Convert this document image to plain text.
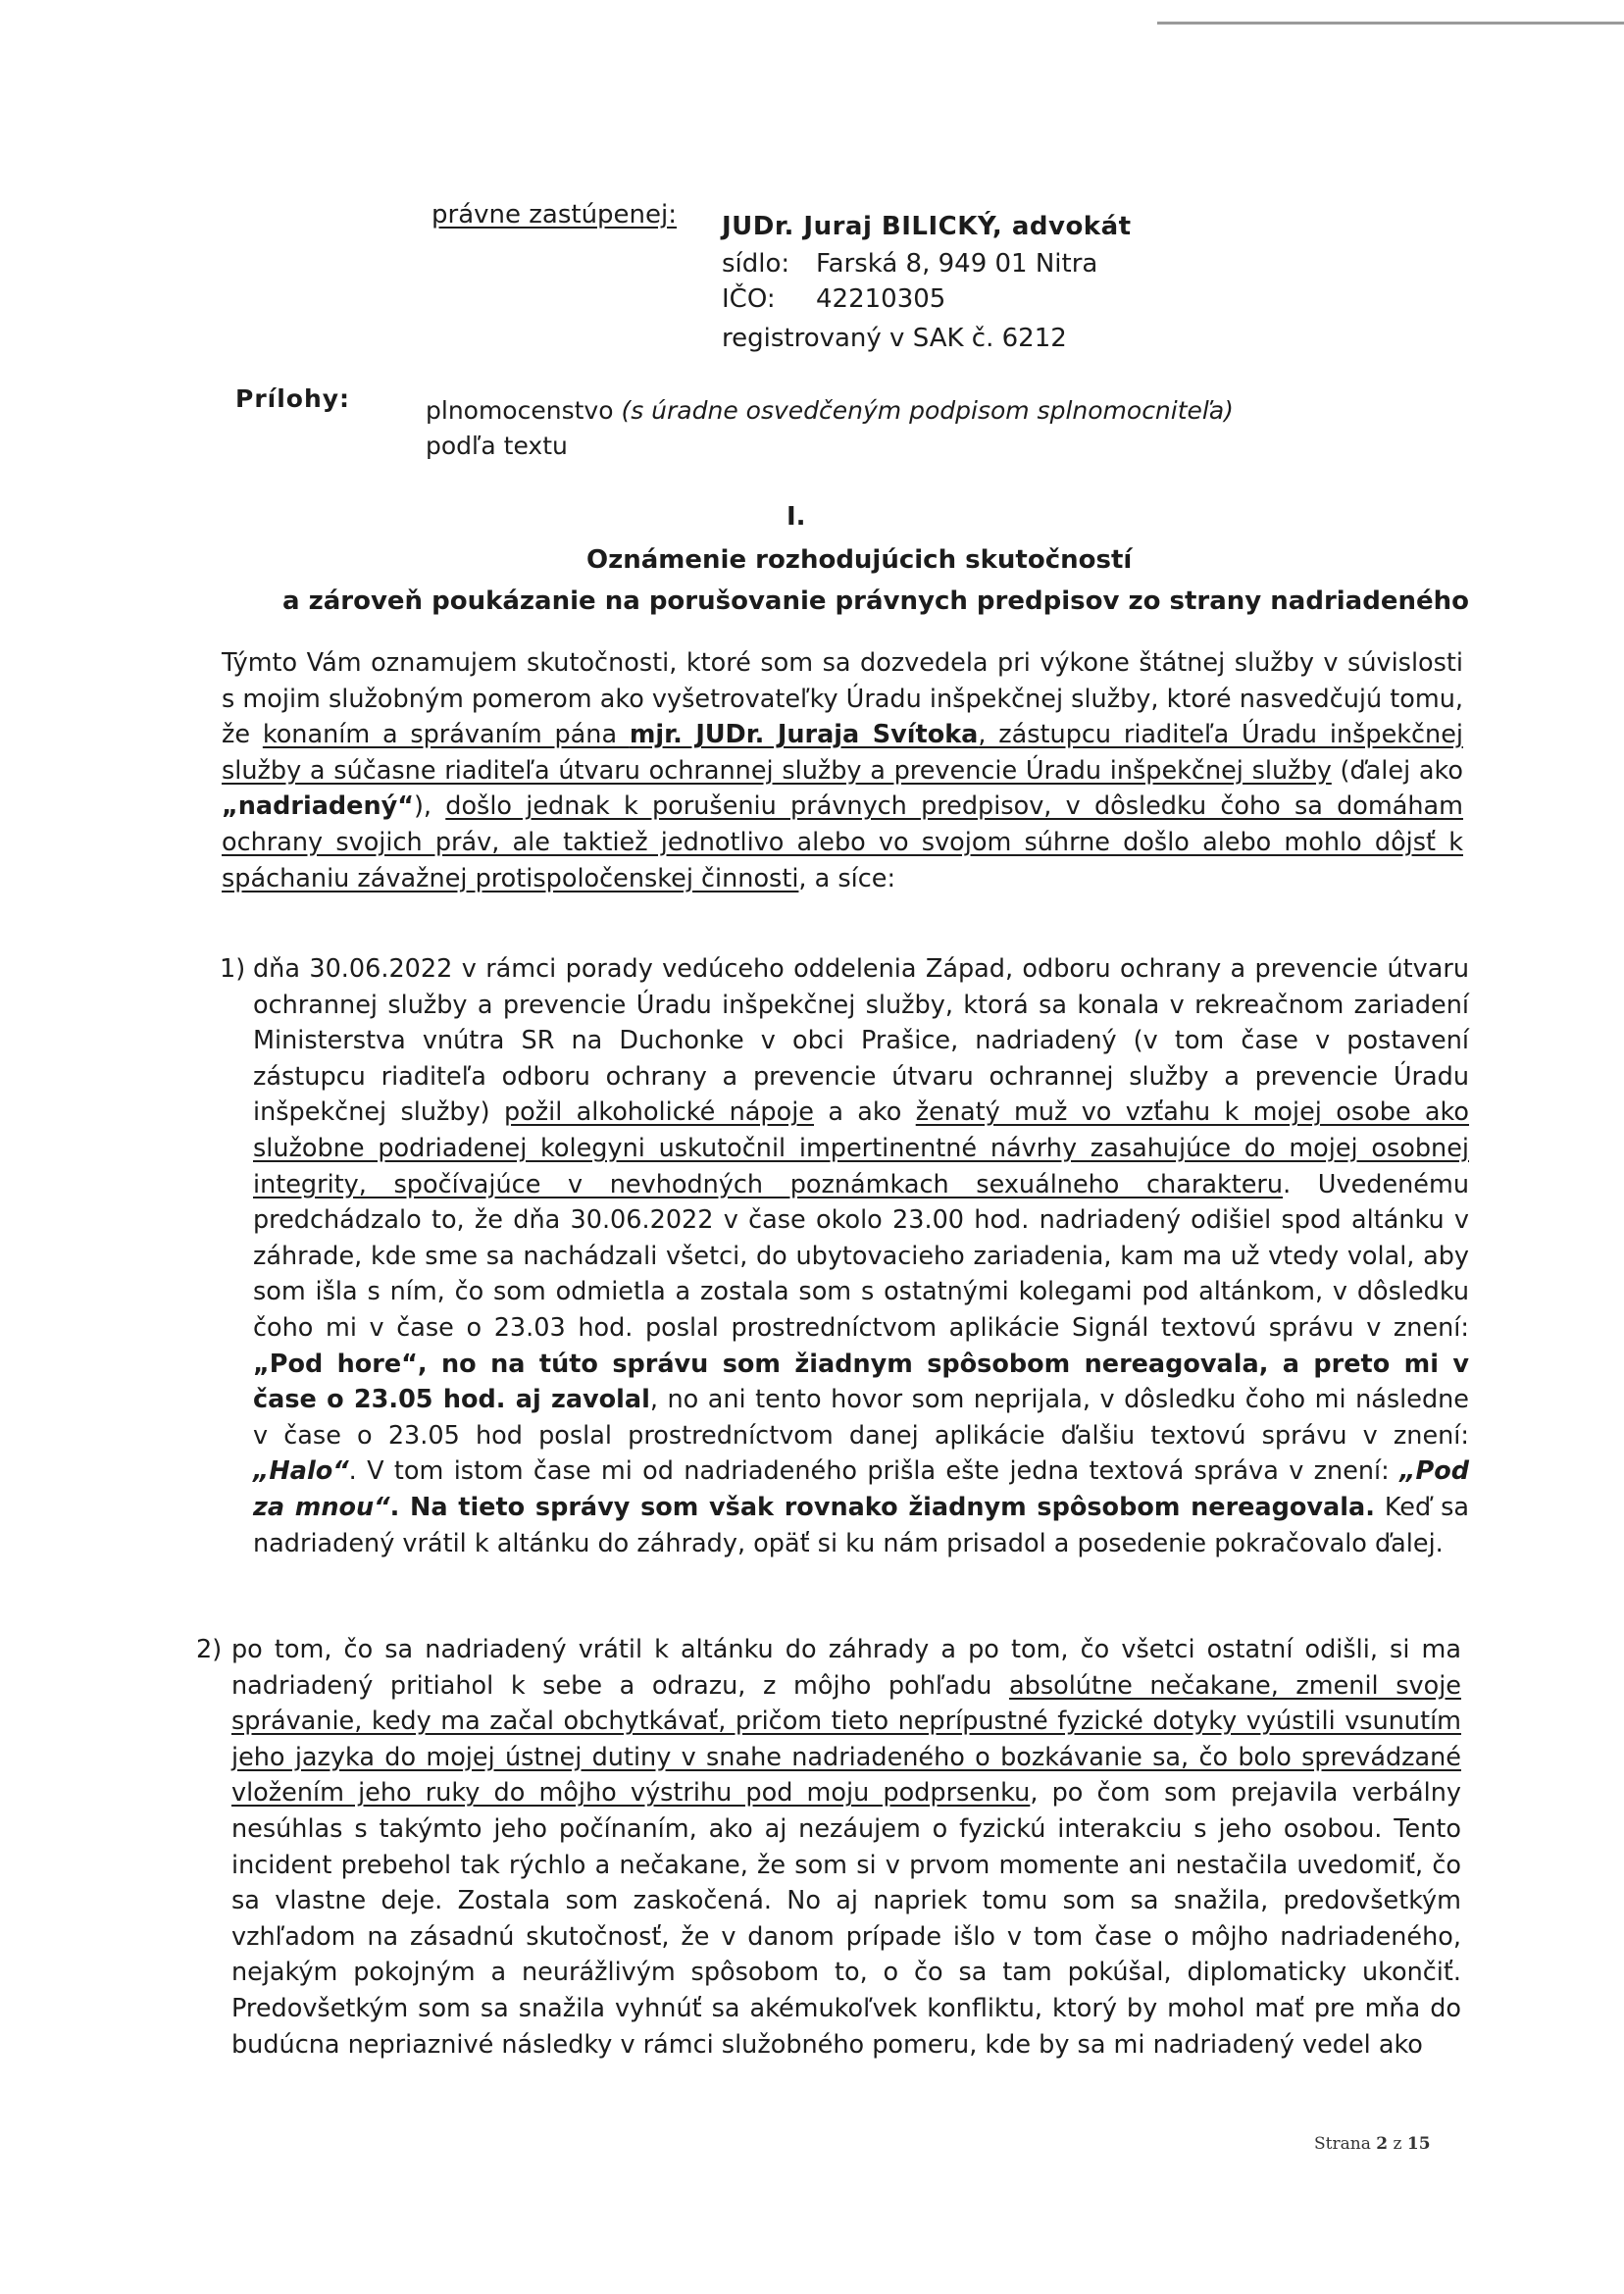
právne zastúpenej: JUDr. Juraj BILICKÝ, advokát
sídlo: Farská 8, 949 01 Nitra
IČO: 42210305
registrovaný v SAK č. 6212
Prílohy:	plnomocenstvo (s úradne osvedčeným podpisom splnomocniteľa)
podľa textu
I.
Oznámenie rozhodujúcich skutočností
a zároveň poukázanie na porušovanie právnych predpisov zo strany nadriadeného
Týmto Vám oznamujem skutočnosti, ktoré som sa dozvedela pri výkone štátnej služby v súvislosti s mojim služobným pomerom ako vyšetrovateľky Úradu inšpekčnej služby, ktoré nasvedčujú tomu, že konaním a správaním pána mjr. JUDr. Juraja Svítoka, zástupcu riaditeľa Úradu inšpekčnej služby a súčasne riaditeľa útvaru ochrannej služby a prevencie Úradu inšpekčnej služby (ďalej ako „nadriadený“), došlo jednak k porušeniu právnych predpisov, v dôsledku čoho sa domáham ochrany svojich práv, ale taktiež jednotlivo alebo vo svojom súhrne došlo alebo mohlo dôjsť k spáchaniu závažnej protispoločenskej činnosti, a síce:
1) dňa 30.06.2022 v rámci porady vedúceho oddelenia Západ, odboru ochrany a prevencie útvaru ochrannej služby a prevencie Úradu inšpekčnej služby, ktorá sa konala v rekreačnom zariadení Ministerstva vnútra SR na Duchonke v obci Prašice, nadriadený (v tom čase v postavení zástupcu riaditeľa odboru ochrany a prevencie útvaru ochrannej služby a prevencie Úradu inšpekčnej služby) požil alkoholické nápoje a ako ženatý muž vo vzťahu k mojej osobe ako služobne podriadenej kolegyni uskutočnil impertinentné návrhy zasahujúce do mojej osobnej integrity, spočívajúce v nevhodných poznámkach sexuálneho charakteru. Uvedenému predchádzalo to, že dňa 30.06.2022 v čase okolo 23.00 hod. nadriadený odišiel spod altánku v záhrade, kde sme sa nachádzali všetci, do ubytovacieho zariadenia, kam ma už vtedy volal, aby som išla s ním, čo som odmietla a zostala som s ostatnými kolegami pod altánkom, v dôsledku čoho mi v čase o 23.03 hod. poslal prostredníctvom aplikácie Signál textovú správu v znení: „Pod hore“, no na túto správu som žiadnym spôsobom nereagovala, a preto mi v čase o 23.05 hod. aj zavolal, no ani tento hovor som neprijala, v dôsledku čoho mi následne v čase o 23.05 hod poslal prostredníctvom danej aplikácie ďalšiu textovú správu v znení: „Halo“. V tom istom čase mi od nadriadeného prišla ešte jedna textová správa v znení: „Pod za mnou“. Na tieto správy som však rovnako žiadnym spôsobom nereagovala. Keď sa nadriadený vrátil k altánku do záhrady, opäť si ku nám prisadol a posedenie pokračovalo ďalej.
2) po tom, čo sa nadriadený vrátil k altánku do záhrady a po tom, čo všetci ostatní odišli, si ma nadriadený pritiahol k sebe a odrazu, z môjho pohľadu absolútne nečakane, zmenil svoje správanie, kedy ma začal obchytkávať, pričom tieto neprípustné fyzické dotyky vyústili vsunutím jeho jazyka do mojej ústnej dutiny v snahe nadriadeného o bozkávanie sa, čo bolo sprevádzané vložením jeho ruky do môjho výstrihu pod moju podprsenku, po čom som prejavila verbálny nesúhlas s takýmto jeho počínaním, ako aj nezáujem o fyzickú interakciu s jeho osobou. Tento incident prebehol tak rýchlo a nečakane, že som si v prvom momente ani nestačila uvedomiť, čo sa vlastne deje. Zostala som zaskočená. No aj napriek tomu som sa snažila, predovšetkým vzhľadom na zásadnú skutočnosť, že v danom prípade išlo v tom čase o môjho nadriadeného, nejakým pokojným a neurážlivým spôsobom to, o čo sa tam pokúšal, diplomaticky ukončiť. Predovšetkým som sa snažila vyhnúť sa akémukoľvek konfliktu, ktorý by mohol mať pre mňa do budúcna nepriaznivé následky v rámci služobného pomeru, kde by sa mi nadriadený vedel ako
Strana 2 z 15
